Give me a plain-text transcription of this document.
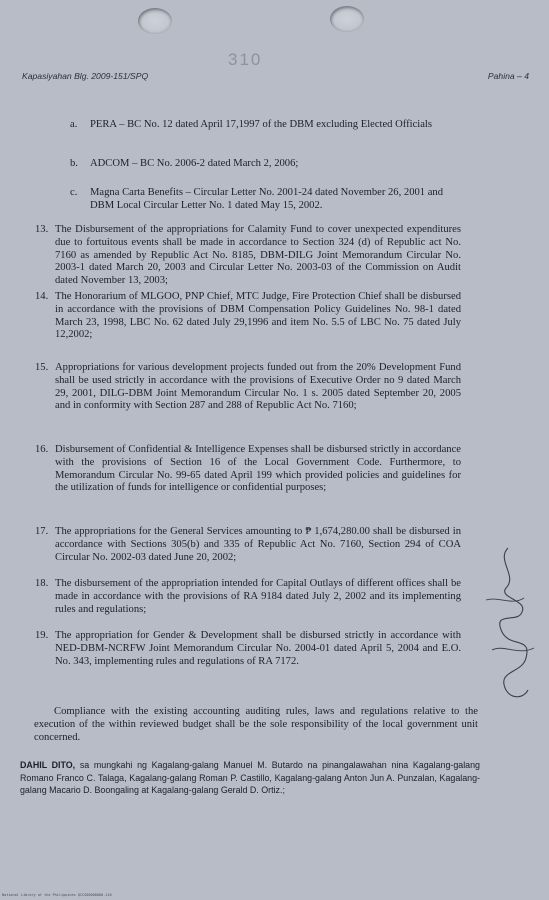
310
Kapasiyahan Blg. 2009-151/SPQ	Pahina – 4
a. PERA – BC No. 12 dated April 17,1997 of the DBM excluding Elected Officials
b. ADCOM – BC No. 2006-2 dated March 2, 2006;
c. Magna Carta Benefits – Circular Letter No. 2001-24 dated November 26, 2001 and DBM Local Circular Letter No. 1 dated May 15, 2002.
13. The Disbursement of the appropriations for Calamity Fund to cover unexpected expenditures due to fortuitous events shall be made in accordance to Section 324 (d) of Republic act No. 7160 as amended by Republic Act No. 8185, DBM-DILG Joint Memorandum Circular No. 2003-1 dated March 20, 2003 and Circular Letter No. 2003-03 of the Commission on Audit dated November 13, 2003;
14. The Honorarium of MLGOO, PNP Chief, MTC Judge, Fire Protection Chief shall be disbursed in accordance with the provisions of DBM Compensation Policy Guidelines No. 98-1 dated March 23, 1998, LBC No. 62 dated July 29,1996 and item No. 5.5 of LBC No. 75 dated July 12,2002;
15. Appropriations for various development projects funded out from the 20% Development Fund shall be used strictly in accordance with the provisions of Executive Order no 9 dated March 29, 2001, DILG-DBM Joint Memorandum Circular No. 1 s. 2005 dated September 20, 2005 and in conformity with Section 287 and 288 of Republic Act No. 7160;
16. Disbursement of Confidential & Intelligence Expenses shall be disbursed strictly in accordance with the provisions of Section 16 of the Local Government Code. Furthermore, to Memorandum Circular No. 99-65 dated April 199 which provided policies and guidelines for the utilization of funds for intelligence or confidential purposes;
17. The appropriations for the General Services amounting to ₱ 1,674,280.00 shall be disbursed in accordance with Sections 305(b) and 335 of Republic Act No. 7160, Section 294 of COA Circular No. 2002-03 dated June 20, 2002;
18. The disbursement of the appropriation intended for Capital Outlays of different offices shall be made in accordance with the provisions of RA 9184 dated July 2, 2002 and its implementing rules and regulations;
19. The appropriation for Gender & Development shall be disbursed strictly in accordance with NED-DBM-NCRFW Joint Memorandum Circular No. 2004-01 dated April 5, 2004 and E.O. No. 343, implementing rules and regulations of RA 7172.
Compliance with the existing accounting auditing rules, laws and regulations relative to the execution of the within reviewed budget shall be the sole responsibility of the local government unit concerned.
DAHIL DITO, sa mungkahi ng Kagalang-galang Manuel M. Butardo na pinangalawahan nina Kagalang-galang Romano Franco C. Talaga, Kagalang-galang Roman P. Castillo, Kagalang-galang Anton Jun A. Punzalan, Kagalang-galang Macario D. Boongaling at Kagalang-galang Gerald D. Ortiz.;
National Library of the Philippines QCCS00000000-118
